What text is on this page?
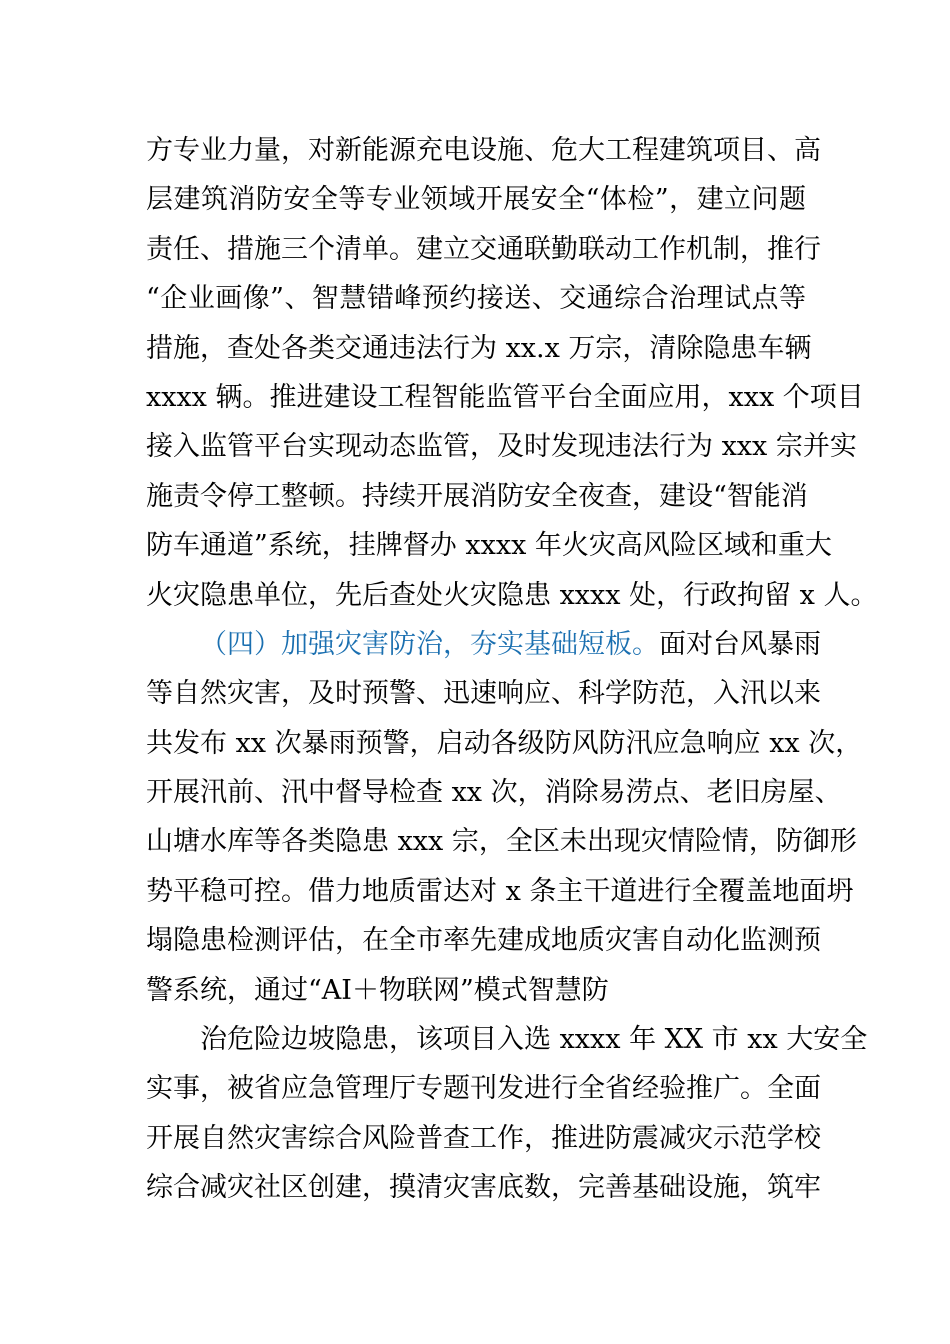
方专业力量，对新能源充电设施、危大工程建筑项目、高
层建筑消防安全等专业领域开展安全“体检”，建立问题
责任、措施三个清单。建立交通联勤联动工作机制，推行
“企业画像”、智慧错峰预约接送、交通综合治理试点等
措施，查处各类交通违法行为 xx.x 万宗，清除隐患车辆
xxxx 辆。推进建设工程智能监管平台全面应用，xxx 个项目
接入监管平台实现动态监管，及时发现违法行为 xxx 宗并实
施责令停工整顿。持续开展消防安全夜查，建设“智能消
防车通道”系统，挂牌督办 xxxx 年火灾高风险区域和重大
火灾隐患单位，先后查处火灾隐患 xxxx 处，行政拘留 x 人。
（四）加强灾害防治，夯实基础短板。面对台风暴雨
等自然灾害，及时预警、迅速响应、科学防范，入汛以来
共发布 xx 次暴雨预警，启动各级防风防汛应急响应 xx 次，
开展汛前、汛中督导检查 xx 次，消除易涝点、老旧房屋、
山塘水库等各类隐患 xxx 宗，全区未出现灾情险情，防御形
势平稳可控。借力地质雷达对 x 条主干道进行全覆盖地面坍
塌隐患检测评估，在全市率先建成地质灾害自动化监测预
警系统，通过“AI＋物联网”模式智慧防
治危险边坡隐患，该项目入选 xxxx 年 XX 市 xx 大安全
实事，被省应急管理厅专题刊发进行全省经验推广。全面
开展自然灾害综合风险普查工作，推进防震减灾示范学校
综合减灾社区创建，摸清灾害底数，完善基础设施，筑牢
